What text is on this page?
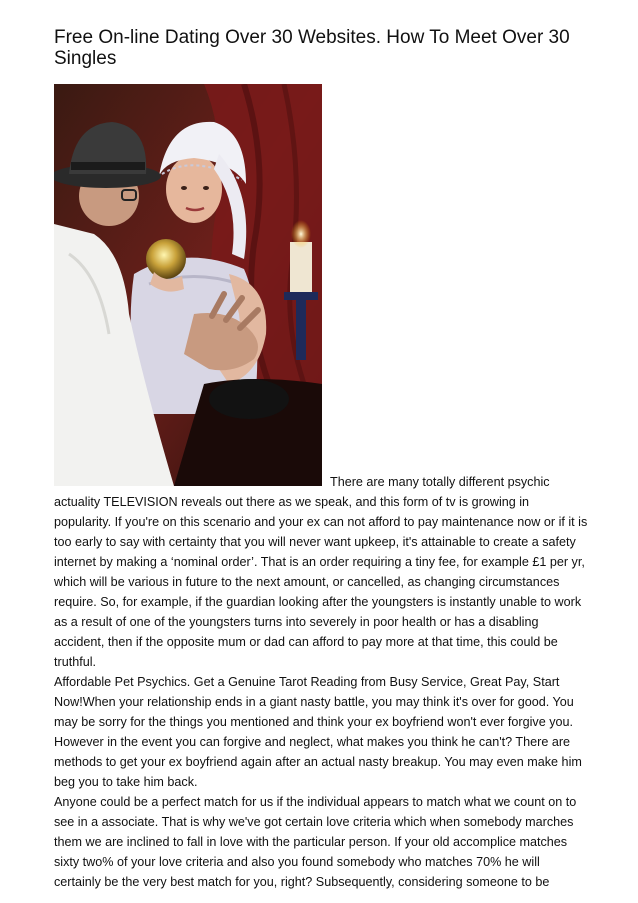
Free On-line Dating Over 30 Websites. How To Meet Over 30 Singles

There are many totally different psychic
actuality TELEVISION reveals out there as we speak, and this form of tv is growing in popularity. If you're on this scenario and your ex can not afford to pay maintenance now or if it is too early to say with certainty that you will never want upkeep, it's attainable to create a safety internet by making a ‘nominal order’. That is an order requiring a tiny fee, for example £1 per yr, which will be various in future to the next amount, or cancelled, as changing circumstances require. So, for example, if the guardian looking after the youngsters is instantly unable to work as a result of one of the youngsters turns into severely in poor health or has a disabling accident, then if the opposite mum or dad can afford to pay more at that time, this could be truthful.

Affordable Pet Psychics. Get a Genuine Tarot Reading from Busy Service, Great Pay, Start Now!When your relationship ends in a giant nasty battle, you may think it's over for good. You may be sorry for the things you mentioned and think your ex boyfriend won't ever forgive you. However in the event you can forgive and neglect, what makes you think he can't? There are methods to get your ex boyfriend again after an actual nasty breakup. You may even make him beg you to take him back.

Anyone could be a perfect match for us if the individual appears to match what we count on to see in a associate. That is why we've got certain love criteria which when somebody marches them we are inclined to fall in love with the particular person. If your old accomplice matches sixty two% of your love criteria and also you found somebody who matches 70% he will certainly be the very best match for you, right? Subsequently, considering someone to be
